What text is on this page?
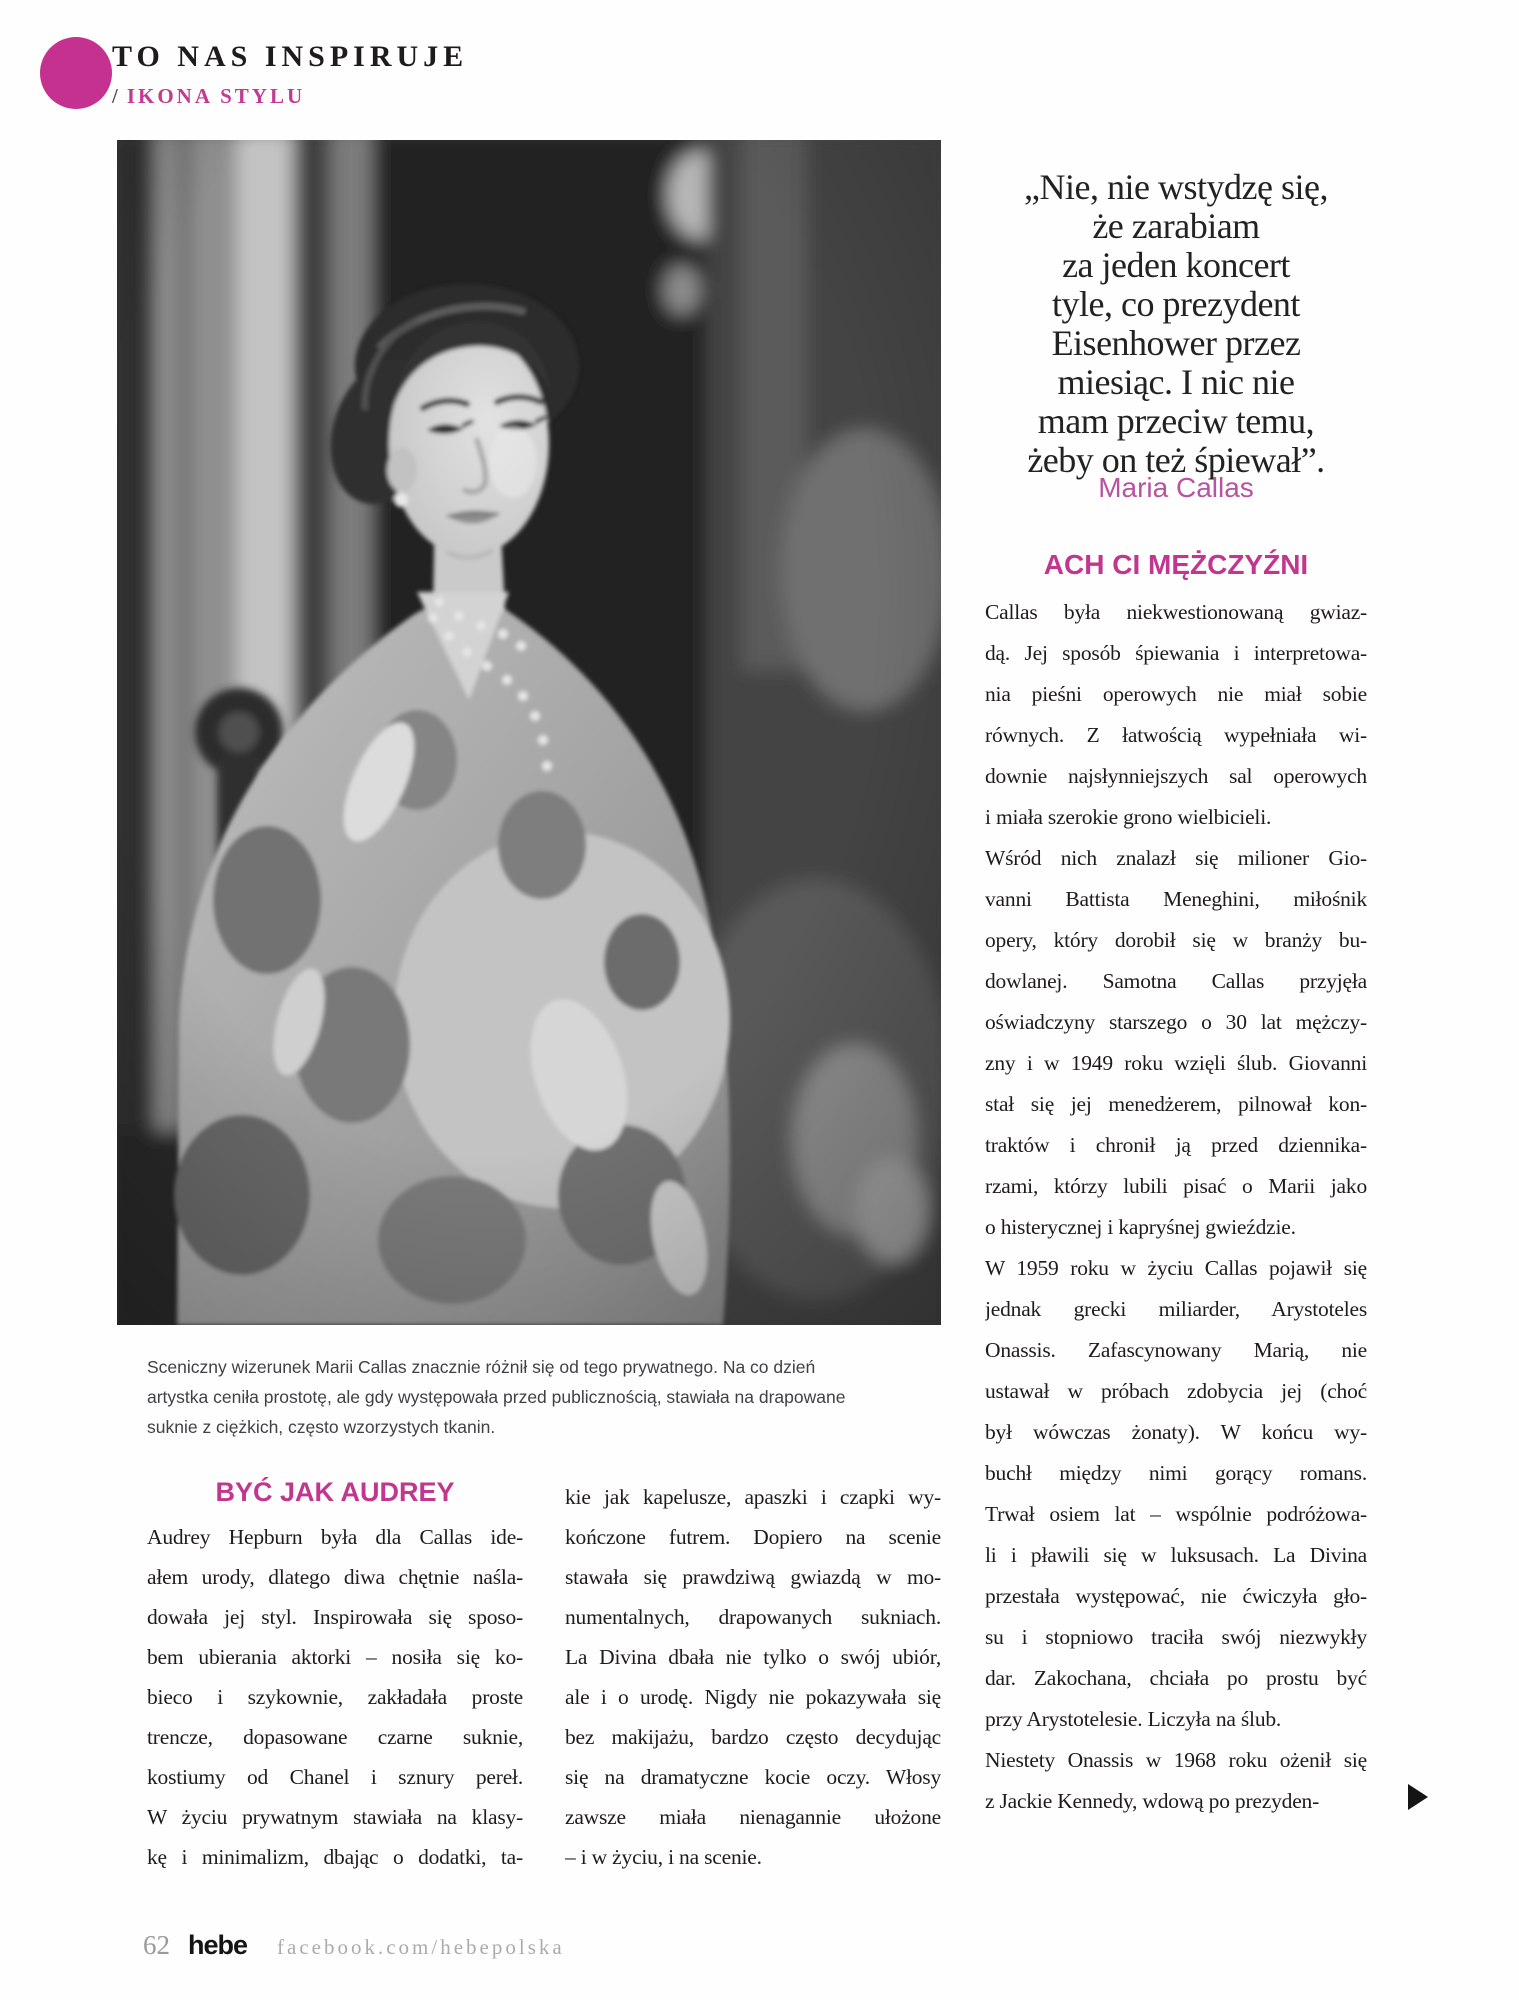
TO NAS INSPIRUJE
/ IKONA STYLU
„Nie, nie wstydzę się,
że zarabiam
za jeden koncert
tyle, co prezydent
Eisenhower przez
miesiąc. I nic nie
mam przeciw temu,
żeby on też śpiewał”.
Maria Callas
ACH CI MĘŻCZYŹNI
Callas była niekwestionowaną gwiaz-
dą. Jej sposób śpiewania i interpretowa-
nia pieśni operowych nie miał sobie
równych. Z łatwością wypełniała wi-
downie najsłynniejszych sal operowych
i miała szerokie grono wielbicieli.
Wśród nich znalazł się milioner Gio-
vanni Battista Meneghini, miłośnik
opery, który dorobił się w branży bu-
dowlanej. Samotna Callas przyjęła
oświadczyny starszego o 30 lat mężczy-
zny i w 1949 roku wzięli ślub. Giovanni
stał się jej menedżerem, pilnował kon-
traktów i chronił ją przed dziennika-
rzami, którzy lubili pisać o Marii jako
o histerycznej i kapryśnej gwieździe.
W 1959 roku w życiu Callas pojawił się
jednak grecki miliarder, Arystoteles
Onassis. Zafascynowany Marią, nie
ustawał w próbach zdobycia jej (choć
był wówczas żonaty). W końcu wy-
buchł między nimi gorący romans.
Trwał osiem lat – wspólnie podróżowa-
li i pławili się w luksusach. La Divina
przestała występować, nie ćwiczyła gło-
su i stopniowo traciła swój niezwykły
dar. Zakochana, chciała po prostu być
przy Arystotelesie. Liczyła na ślub.
Niestety Onassis w 1968 roku ożenił się
z Jackie Kennedy, wdową po prezyden-
Sceniczny wizerunek Marii Callas znacznie różnił się od tego prywatnego. Na co dzień
artystka ceniła prostotę, ale gdy występowała przed publicznością, stawiała na drapowane
suknie z ciężkich, często wzorzystych tkanin.
BYĆ JAK AUDREY
Audrey Hepburn była dla Callas ide-
ałem urody, dlatego diwa chętnie naśla-
dowała jej styl. Inspirowała się sposo-
bem ubierania aktorki – nosiła się ko-
bieco i szykownie, zakładała proste
trencze, dopasowane czarne suknie,
kostiumy od Chanel i sznury pereł.
W życiu prywatnym stawiała na klasy-
kę i minimalizm, dbając o dodatki, ta-
kie jak kapelusze, apaszki i czapki wy-
kończone futrem. Dopiero na scenie
stawała się prawdziwą gwiazdą w mo-
numentalnych, drapowanych sukniach.
La Divina dbała nie tylko o swój ubiór,
ale i o urodę. Nigdy nie pokazywała się
bez makijażu, bardzo często decydując
się na dramatyczne kocie oczy. Włosy
zawsze miała nienagannie ułożone
– i w życiu, i na scenie.
62 hebe facebook.com/hebepolska
